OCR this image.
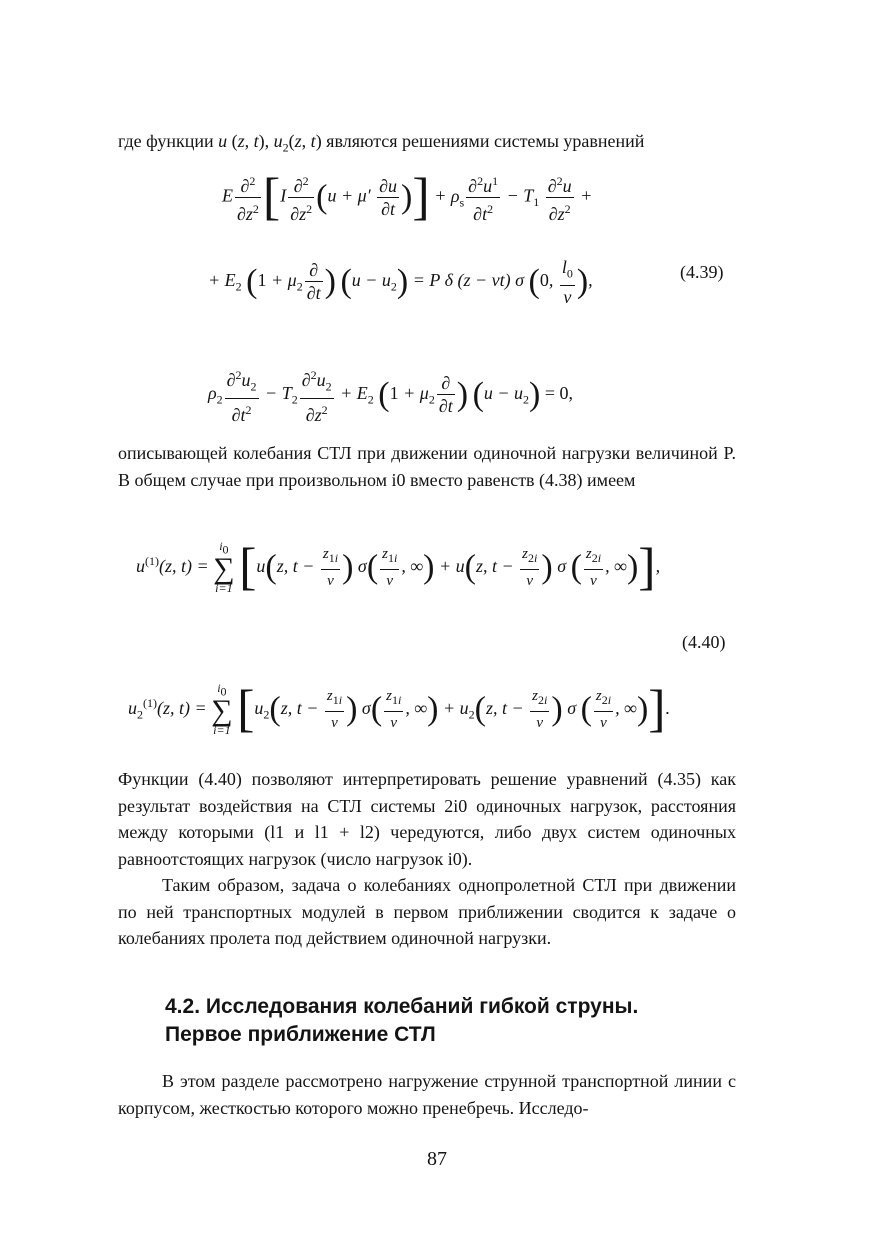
где функции u (z, t), $u_2(z$, t) являются решениями системы уравнений

E $\frac{\partial^2}{\partial z^2} [I \frac{\partial^2}{\partial z^2} (u + \mu' \frac{\partial u}{\partial t}$ )] + $\rho_s \frac{\partial^2u^1}{\partial t^2} - T_1 \frac{\partial^2u}{\partial z^2}$ +
+ $E_2$ ($1 + \mu_2 \frac{\partial}{\partial t}$ ) $(u - u_2) = P$ δ (z − vt) σ (0, $\frac{l_0}{v}$ ),	(4.39)
$\rho_2 \frac{\partial^2u_2}{\partial t^2} - T_2 \frac{\partial^2u_2}{\partial z^2} + E_2$ ($1 + \mu_2 \frac{\partial}{\partial t}$ ) $(u - u_2) = 0$,

описывающей колебания СТЛ при движении одиночной нагрузки величиной P. В общем случае при произвольном i0 вместо равенств (4.38) имеем

$u^{(1)}(z$, t) =
i0
∑
i=1 [u(z, $t - \frac{z_{1i}}{v}$ ) $\sigma( \frac{z_{1i}}{v}$ , ∞) + u(z, $t - \frac{z_{2i}}{v}$ ) σ ( $\frac{z_{2i}}{v}$ , ∞)],
(4.40)
$u_2^{(1)}(z$, t) =
i0
∑
i=1 [$u_2(z$, $t - \frac{z_{1i}}{v}$ ) $\sigma( \frac{z_{1i}}{v}$ , ∞) + $u_2(z$, $t - \frac{z_{2i}}{v}$ ) σ ( $\frac{z_{2i}}{v}$ , ∞)].

Функции (4.40) позволяют интерпретировать решение уравнений (4.35) как результат воздействия на СТЛ системы 2i0 одиночных нагрузок, расстояния между которыми (l1 и l1 + l2) чередуются, либо двух систем одиночных равноотстоящих нагрузок (число нагрузок i0).

Таким образом, задача о колебаниях однопролетной СТЛ при движении по ней транспортных модулей в первом приближении сводится к задаче о колебаниях пролета под действием одиночной нагрузки.

4.2. Исследования колебаний гибкой струны.
Первое приближение СТЛ

В этом разделе рассмотрено нагружение струнной транспортной линии с корпусом, жесткостью которого можно пренебречь. Исследо-

87
